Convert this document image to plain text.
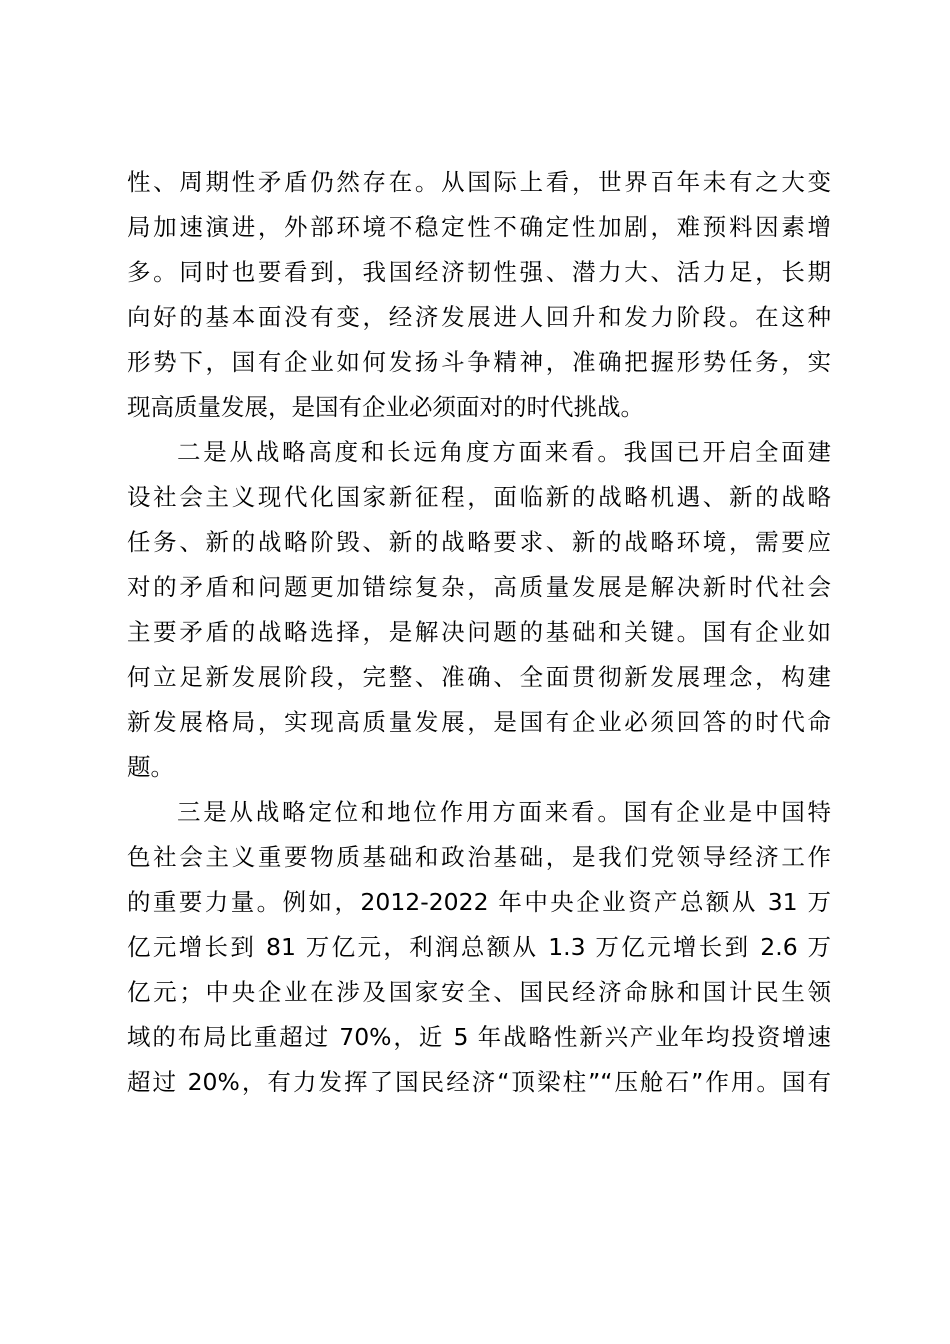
性、周期性矛盾仍然存在。从国际上看，世界百年未有之大变
局加速演进，外部环境不稳定性不确定性加剧，难预料因素增
多。同时也要看到，我国经济韧性强、潜力大、活力足，长期
向好的基本面没有变，经济发展进人回升和发力阶段。在这种
形势下，国有企业如何发扬斗争精神，准确把握形势任务，实
现高质量发展，是国有企业必须面对的时代挑战。
二是从战略高度和长远角度方面来看。我国已开启全面建
设社会主义现代化国家新征程，面临新的战略机遇、新的战略
任务、新的战略阶毁、新的战略要求、新的战略环境，需要应
对的矛盾和问题更加错综复杂，高质量发展是解决新时代社会
主要矛盾的战略选择，是解决问题的基础和关键。国有企业如
何立足新发展阶段，完整、准确、全面贯彻新发展理念，构建
新发展格局，实现高质量发展，是国有企业必须回答的时代命
题。
三是从战略定位和地位作用方面来看。国有企业是中国特
色社会主义重要物质基础和政治基础，是我们党领导经济工作
的重要力量。例如，2012-2022 年中央企业资产总额从 31 万
亿元增长到 81 万亿元，利润总额从 1.3 万亿元增长到 2.6 万
亿元；中央企业在涉及国家安全、国民经济命脉和国计民生领
域的布局比重超过 70%，近 5 年战略性新兴产业年均投资增速
超过 20%，有力发挥了国民经济“顶梁柱”“压舱石”作用。国有
